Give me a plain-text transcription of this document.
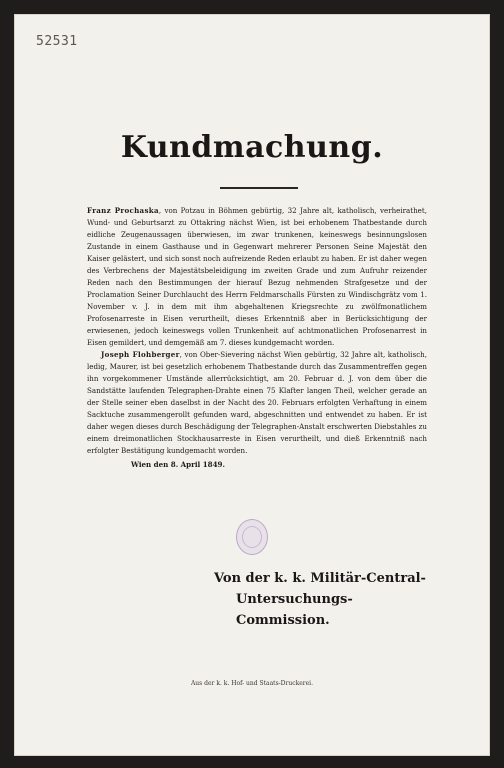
52531
Kundmachung.

Franz Prochaska, von Potzau in Böhmen gebürtig, 32 Jahre alt, katholisch, verheirathet, Wund- und Geburtsarzt zu Ottakring nächst Wien, ist bei erhobenem Thatbestande durch eidliche Zeugenaussagen überwiesen, im zwar trunkenen, keineswegs besinnungslosen Zustande in einem Gasthause und in Gegenwart mehrerer Personen Seine Majestät den Kaiser gelästert, und sich sonst noch aufreizende Reden erlaubt zu haben. Er ist daher wegen des Verbrechens der Majestätsbeleidigung im zweiten Grade und zum Aufruhr reizender Reden nach den Bestimmungen der hierauf Bezug nehmenden Strafgesetze und der Proclamation Seiner Durchlaucht des Herrn Feldmarschalls Fürsten zu Windischgrätz vom 1. November v. J. in dem mit ihm abgehaltenen Kriegsrechte zu zwölfmonatlichem Profosenarreste in Eisen verurtheilt, dieses Erkenntniß aber in Berücksichtigung der erwiesenen, jedoch keineswegs vollen Trunkenheit auf achtmonatlichen Profosenarrest in Eisen gemildert, und demgemäß am 7. dieses kundgemacht worden.

Joseph Flohberger, von Ober-Sievering nächst Wien gebürtig, 32 Jahre alt, katholisch, ledig, Maurer, ist bei gesetzlich erhobenem Thatbestande durch das Zusammentreffen gegen ihn vorgekommener Umstände allerrücksichtigt, am 20. Februar d. J. von dem über die Sandstätte laufenden Telegraphen-Drahte einen 75 Klafter langen Theil, welcher gerade an der Stelle seiner eben daselbst in der Nacht des 20. Februars erfolgten Verhaftung in einem Sacktuche zusammengerollt gefunden ward, abgeschnitten und entwendet zu haben. Er ist daher wegen dieses durch Beschädigung der Telegraphen-Anstalt erschwerten Diebstahles zu einem dreimonatlichen Stockhausarreste in Eisen verurtheilt, und dieß Erkenntniß nach erfolgter Bestätigung kundgemacht worden.

Wien den 8. April 1849.

Von der k. k. Militär-Central-
Untersuchungs-Commission.
Aus der k. k. Hof- und Staats-Druckerei.
